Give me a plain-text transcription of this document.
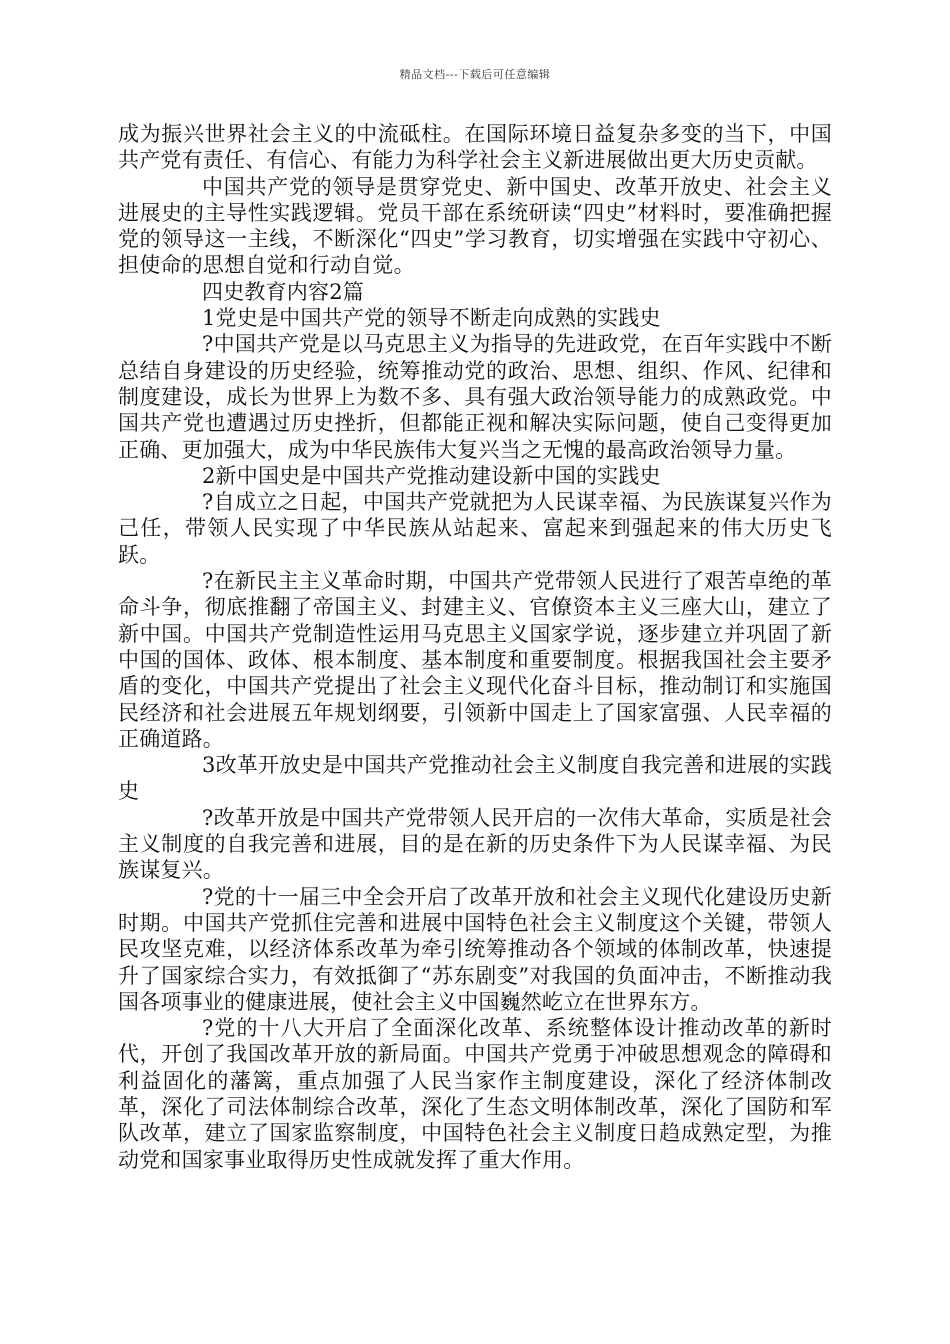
精品文档---下载后可任意编辑

成为振兴世界社会主义的中流砥柱。在国际环境日益复杂多变的当下，中国共产党有责任、有信心、有能力为科学社会主义新进展做出更大历史贡献。

中国共产党的领导是贯穿党史、新中国史、改革开放史、社会主义进展史的主导性实践逻辑。党员干部在系统研读“四史”材料时，要准确把握党的领导这一主线，不断深化“四史”学习教育，切实增强在实践中守初心、担使命的思想自觉和行动自觉。

四史教育内容2篇

1党史是中国共产党的领导不断走向成熟的实践史

?中国共产党是以马克思主义为指导的先进政党，在百年实践中不断总结自身建设的历史经验，统筹推动党的政治、思想、组织、作风、纪律和制度建设，成长为世界上为数不多、具有强大政治领导能力的成熟政党。中国共产党也遭遇过历史挫折，但都能正视和解决实际问题，使自己变得更加正确、更加强大，成为中华民族伟大复兴当之无愧的最高政治领导力量。

2新中国史是中国共产党推动建设新中国的实践史

?自成立之日起，中国共产党就把为人民谋幸福、为民族谋复兴作为己任，带领人民实现了中华民族从站起来、富起来到强起来的伟大历史飞跃。

?在新民主主义革命时期，中国共产党带领人民进行了艰苦卓绝的革命斗争，彻底推翻了帝国主义、封建主义、官僚资本主义三座大山，建立了新中国。中国共产党制造性运用马克思主义国家学说，逐步建立并巩固了新中国的国体、政体、根本制度、基本制度和重要制度。根据我国社会主要矛盾的变化，中国共产党提出了社会主义现代化奋斗目标，推动制订和实施国民经济和社会进展五年规划纲要，引领新中国走上了国家富强、人民幸福的正确道路。

3改革开放史是中国共产党推动社会主义制度自我完善和进展的实践史

?改革开放是中国共产党带领人民开启的一次伟大革命，实质是社会主义制度的自我完善和进展，目的是在新的历史条件下为人民谋幸福、为民族谋复兴。

?党的十一届三中全会开启了改革开放和社会主义现代化建设历史新时期。中国共产党抓住完善和进展中国特色社会主义制度这个关键，带领人民攻坚克难，以经济体系改革为牵引统筹推动各个领域的体制改革，快速提升了国家综合实力，有效抵御了“苏东剧变”对我国的负面冲击，不断推动我国各项事业的健康进展，使社会主义中国巍然屹立在世界东方。

?党的十八大开启了全面深化改革、系统整体设计推动改革的新时代，开创了我国改革开放的新局面。中国共产党勇于冲破思想观念的障碍和利益固化的藩篱，重点加强了人民当家作主制度建设，深化了经济体制改革，深化了司法体制综合改革，深化了生态文明体制改革，深化了国防和军队改革，建立了国家监察制度，中国特色社会主义制度日趋成熟定型，为推动党和国家事业取得历史性成就发挥了重大作用。
